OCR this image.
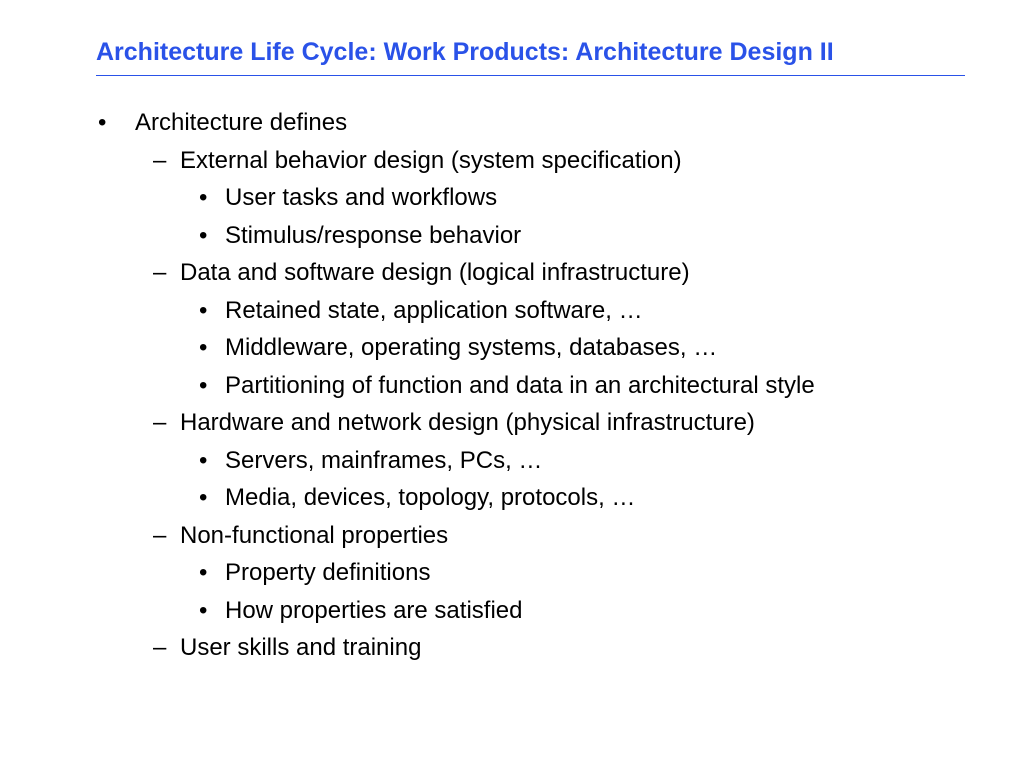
Architecture Life Cycle: Work Products: Architecture Design II
• Architecture defines
– External behavior design (system specification)
• User tasks and workflows
• Stimulus/response behavior
– Data and software design (logical infrastructure)
• Retained state, application software, …
• Middleware, operating systems, databases, …
• Partitioning of function and data in an architectural style
– Hardware and network design (physical infrastructure)
• Servers, mainframes, PCs, …
• Media, devices, topology, protocols, …
– Non-functional properties
• Property definitions
• How properties are satisfied
– User skills and training
